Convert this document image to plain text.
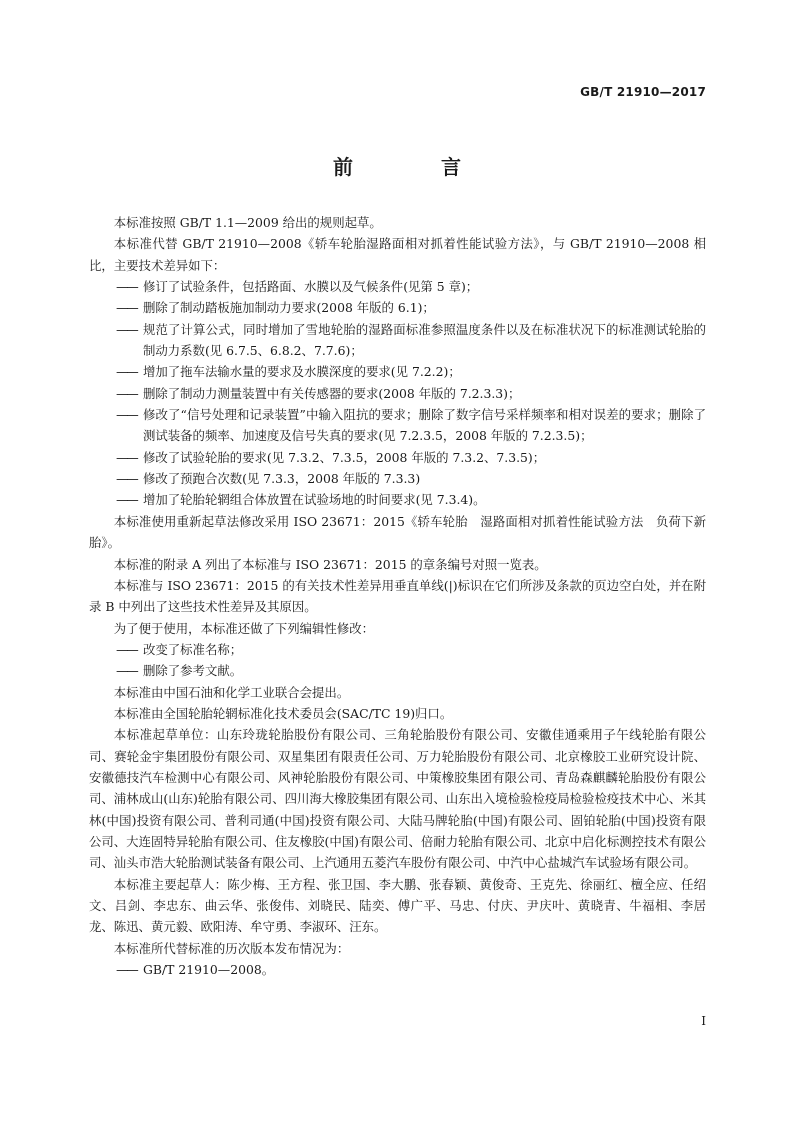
GB/T 21910—2017
前　言

本标准按照 GB/T 1.1—2009 给出的规则起草。

本标准代替 GB/T 21910—2008《轿车轮胎湿路面相对抓着性能试验方法》，与 GB/T 21910—2008 相比，主要技术差异如下：

—— 修订了试验条件，包括路面、水膜以及气候条件(见第 5 章)；

—— 删除了制动踏板施加制动力要求(2008 年版的 6.1)；

—— 规范了计算公式，同时增加了雪地轮胎的湿路面标准参照温度条件以及在标准状况下的标准测试轮胎的制动力系数(见 6.7.5、6.8.2、7.7.6)；

—— 增加了拖车法输水量的要求及水膜深度的要求(见 7.2.2)；

—— 删除了制动力测量装置中有关传感器的要求(2008 年版的 7.2.3.3)；

—— 修改了“信号处理和记录装置”中输入阻抗的要求；删除了数字信号采样频率和相对误差的要求；删除了测试装备的频率、加速度及信号失真的要求(见 7.2.3.5，2008 年版的 7.2.3.5)；

—— 修改了试验轮胎的要求(见 7.3.2、7.3.5，2008 年版的 7.3.2、7.3.5)；

—— 修改了预跑合次数(见 7.3.3，2008 年版的 7.3.3)

—— 增加了轮胎轮辋组合体放置在试验场地的时间要求(见 7.3.4)。

本标准使用重新起草法修改采用 ISO 23671：2015《轿车轮胎　湿路面相对抓着性能试验方法　负荷下新胎》。

本标准的附录 A 列出了本标准与 ISO 23671：2015 的章条编号对照一览表。

本标准与 ISO 23671：2015 的有关技术性差异用垂直单线(|)标识在它们所涉及条款的页边空白处，并在附录 B 中列出了这些技术性差异及其原因。

为了便于使用，本标准还做了下列编辑性修改：

—— 改变了标准名称；

—— 删除了参考文献。

本标准由中国石油和化学工业联合会提出。

本标准由全国轮胎轮辋标准化技术委员会(SAC/TC 19)归口。

本标准起草单位：山东玲珑轮胎股份有限公司、三角轮胎股份有限公司、安徽佳通乘用子午线轮胎有限公司、赛轮金宇集团股份有限公司、双星集团有限责任公司、万力轮胎股份有限公司、北京橡胶工业研究设计院、安徽德技汽车检测中心有限公司、风神轮胎股份有限公司、中策橡胶集团有限公司、青岛森麒麟轮胎股份有限公司、浦林成山(山东)轮胎有限公司、四川海大橡胶集团有限公司、山东出入境检验检疫局检验检疫技术中心、米其林(中国)投资有限公司、普利司通(中国)投资有限公司、大陆马牌轮胎(中国)有限公司、固铂轮胎(中国)投资有限公司、大连固特异轮胎有限公司、住友橡胶(中国)有限公司、倍耐力轮胎有限公司、北京中启化标测控技术有限公司、汕头市浩大轮胎测试装备有限公司、上汽通用五菱汽车股份有限公司、中汽中心盐城汽车试验场有限公司。

本标准主要起草人：陈少梅、王方程、张卫国、李大鹏、张春颖、黄俊奇、王克先、徐丽红、檀全应、任绍文、吕剑、李忠东、曲云华、张俊伟、刘晓民、陆奕、傅广平、马忠、付庆、尹庆叶、黄晓青、牛福相、李居龙、陈迅、黄元毅、欧阳涛、牟守勇、李淑环、汪东。

本标准所代替标准的历次版本发布情况为：

—— GB/T 21910—2008。

I
